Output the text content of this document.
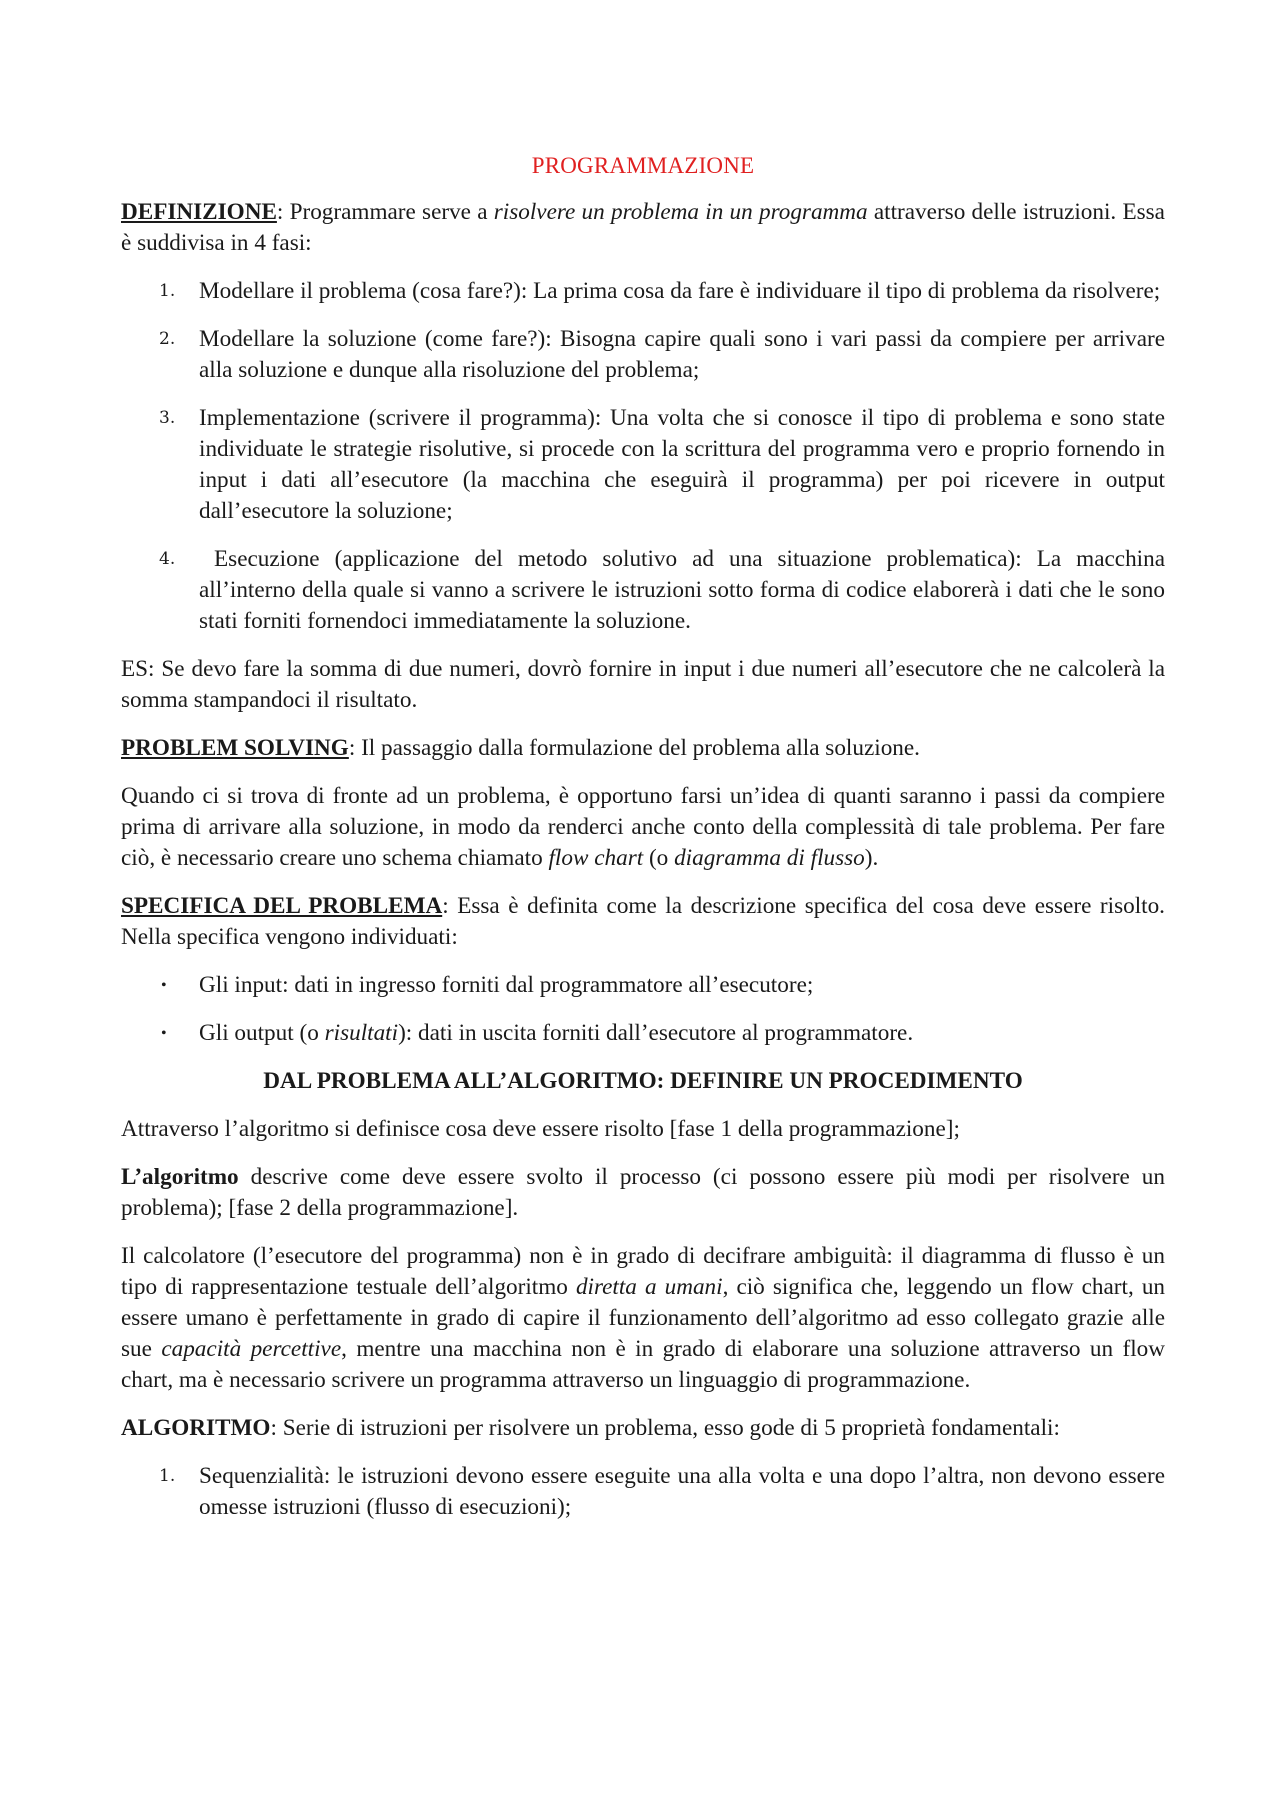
PROGRAMMAZIONE

DEFINIZIONE: Programmare serve a risolvere un problema in un programma attraverso delle istruzioni. Essa è suddivisa in 4 fasi:

1. Modellare il problema (cosa fare?): La prima cosa da fare è individuare il tipo di problema da risolvere;
2. Modellare la soluzione (come fare?): Bisogna capire quali sono i vari passi da compiere per arrivare alla soluzione e dunque alla risoluzione del problema;
3. Implementazione (scrivere il programma): Una volta che si conosce il tipo di problema e sono state individuate le strategie risolutive, si procede con la scrittura del programma vero e proprio fornendo in input i dati all’esecutore (la macchina che eseguirà il programma) per poi ricevere in output dall’esecutore la soluzione;
4. Esecuzione (applicazione del metodo solutivo ad una situazione problematica): La macchina all’interno della quale si vanno a scrivere le istruzioni sotto forma di codice elaborerà i dati che le sono stati forniti fornendoci immediatamente la soluzione.

ES: Se devo fare la somma di due numeri, dovrò fornire in input i due numeri all’esecutore che ne calcolerà la somma stampandoci il risultato.

PROBLEM SOLVING: Il passaggio dalla formulazione del problema alla soluzione.

Quando ci si trova di fronte ad un problema, è opportuno farsi un’idea di quanti saranno i passi da compiere prima di arrivare alla soluzione, in modo da renderci anche conto della complessità di tale problema. Per fare ciò, è necessario creare uno schema chiamato flow chart (o diagramma di flusso).

SPECIFICA DEL PROBLEMA: Essa è definita come la descrizione specifica del cosa deve essere risolto. Nella specifica vengono individuati:

• Gli input: dati in ingresso forniti dal programmatore all’esecutore;
• Gli output (o risultati): dati in uscita forniti dall’esecutore al programmatore.
DAL PROBLEMA ALL’ALGORITMO: DEFINIRE UN PROCEDIMENTO

Attraverso l’algoritmo si definisce cosa deve essere risolto [fase 1 della programmazione];

L’algoritmo descrive come deve essere svolto il processo (ci possono essere più modi per risolvere un problema); [fase 2 della programmazione].

Il calcolatore (l’esecutore del programma) non è in grado di decifrare ambiguità: il diagramma di flusso è un tipo di rappresentazione testuale dell’algoritmo diretta a umani, ciò significa che, leggendo un flow chart, un essere umano è perfettamente in grado di capire il funzionamento dell’algoritmo ad esso collegato grazie alle sue capacità percettive, mentre una macchina non è in grado di elaborare una soluzione attraverso un flow chart, ma è necessario scrivere un programma attraverso un linguaggio di programmazione.

ALGORITMO: Serie di istruzioni per risolvere un problema, esso gode di 5 proprietà fondamentali:

1. Sequenzialità: le istruzioni devono essere eseguite una alla volta e una dopo l’altra, non devono essere omesse istruzioni (flusso di esecuzioni);
